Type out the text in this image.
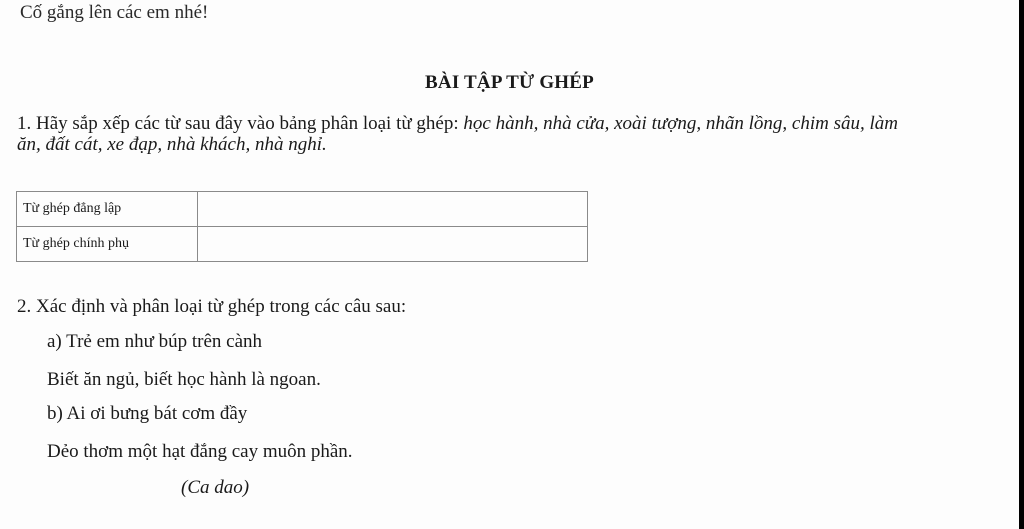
Cố gắng lên các em nhé!
BÀI TẬP TỪ GHÉP
1. Hãy sắp xếp các từ sau đây vào bảng phân loại từ ghép: học hành, nhà cửa, xoài tượng, nhãn lồng, chim sâu, làm
ăn, đất cát, xe đạp, nhà khách, nhà nghỉ.
Từ ghép đẳng lập	
Từ ghép chính phụ	
2. Xác định và phân loại từ ghép trong các câu sau:
a) Trẻ em như búp trên cành
Biết ăn ngủ, biết học hành là ngoan.
b) Ai ơi bưng bát cơm đầy
Dẻo thơm một hạt đắng cay muôn phần.
(Ca dao)
